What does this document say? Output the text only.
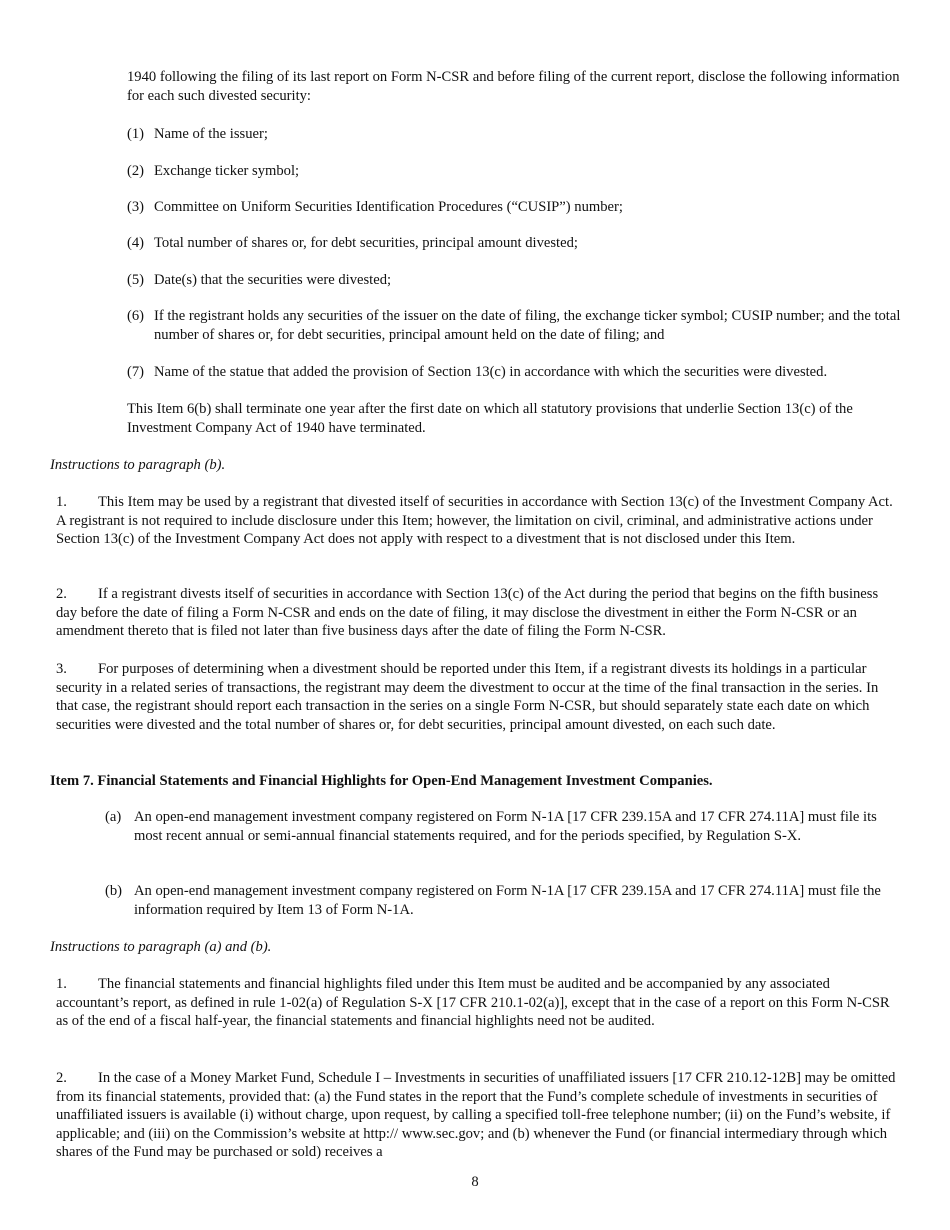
1940 following the filing of its last report on Form N-CSR and before filing of the current report, disclose the following information for each such divested security:

(1) Name of the issuer;
(2) Exchange ticker symbol;
(3) Committee on Uniform Securities Identification Procedures (“CUSIP”) number;
(4) Total number of shares or, for debt securities, principal amount divested;
(5) Date(s) that the securities were divested;
(6) If the registrant holds any securities of the issuer on the date of filing, the exchange ticker symbol; CUSIP number; and the total number of shares or, for debt securities, principal amount held on the date of filing; and
(7) Name of the statue that added the provision of Section 13(c) in accordance with which the securities were divested.

This Item 6(b) shall terminate one year after the first date on which all statutory provisions that underlie Section 13(c) of the Investment Company Act of 1940 have terminated.

Instructions to paragraph (b).

1. This Item may be used by a registrant that divested itself of securities in accordance with Section 13(c) of the Investment Company Act. A registrant is not required to include disclosure under this Item; however, the limitation on civil, criminal, and administrative actions under Section 13(c) of the Investment Company Act does not apply with respect to a divestment that is not disclosed under this Item.
2. If a registrant divests itself of securities in accordance with Section 13(c) of the Act during the period that begins on the fifth business day before the date of filing a Form N-CSR and ends on the date of filing, it may disclose the divestment in either the Form N-CSR or an amendment thereto that is filed not later than five business days after the date of filing the Form N-CSR.
3. For purposes of determining when a divestment should be reported under this Item, if a registrant divests its holdings in a particular security in a related series of transactions, the registrant may deem the divestment to occur at the time of the final transaction in the series. In that case, the registrant should report each transaction in the series on a single Form N-CSR, but should separately state each date on which securities were divested and the total number of shares or, for debt securities, principal amount divested, on each such date.

Item 7. Financial Statements and Financial Highlights for Open-End Management Investment Companies.

(a) An open-end management investment company registered on Form N-1A [17 CFR 239.15A and 17 CFR 274.11A] must file its most recent annual or semi-annual financial statements required, and for the periods specified, by Regulation S-X.
(b) An open-end management investment company registered on Form N-1A [17 CFR 239.15A and 17 CFR 274.11A] must file the information required by Item 13 of Form N-1A.

Instructions to paragraph (a) and (b).

1. The financial statements and financial highlights filed under this Item must be audited and be accompanied by any associated accountant’s report, as defined in rule 1-02(a) of Regulation S-X [17 CFR 210.1-02(a)], except that in the case of a report on this Form N-CSR as of the end of a fiscal half-year, the financial statements and financial highlights need not be audited.
2. In the case of a Money Market Fund, Schedule I – Investments in securities of unaffiliated issuers [17 CFR 210.12-12B] may be omitted from its financial statements, provided that: (a) the Fund states in the report that the Fund’s complete schedule of investments in securities of unaffiliated issuers is available (i) without charge, upon request, by calling a specified toll-free telephone number; (ii) on the Fund’s website, if applicable; and (iii) on the Commission’s website at http:// www.sec.gov; and (b) whenever the Fund (or financial intermediary through which shares of the Fund may be purchased or sold) receives a

8
